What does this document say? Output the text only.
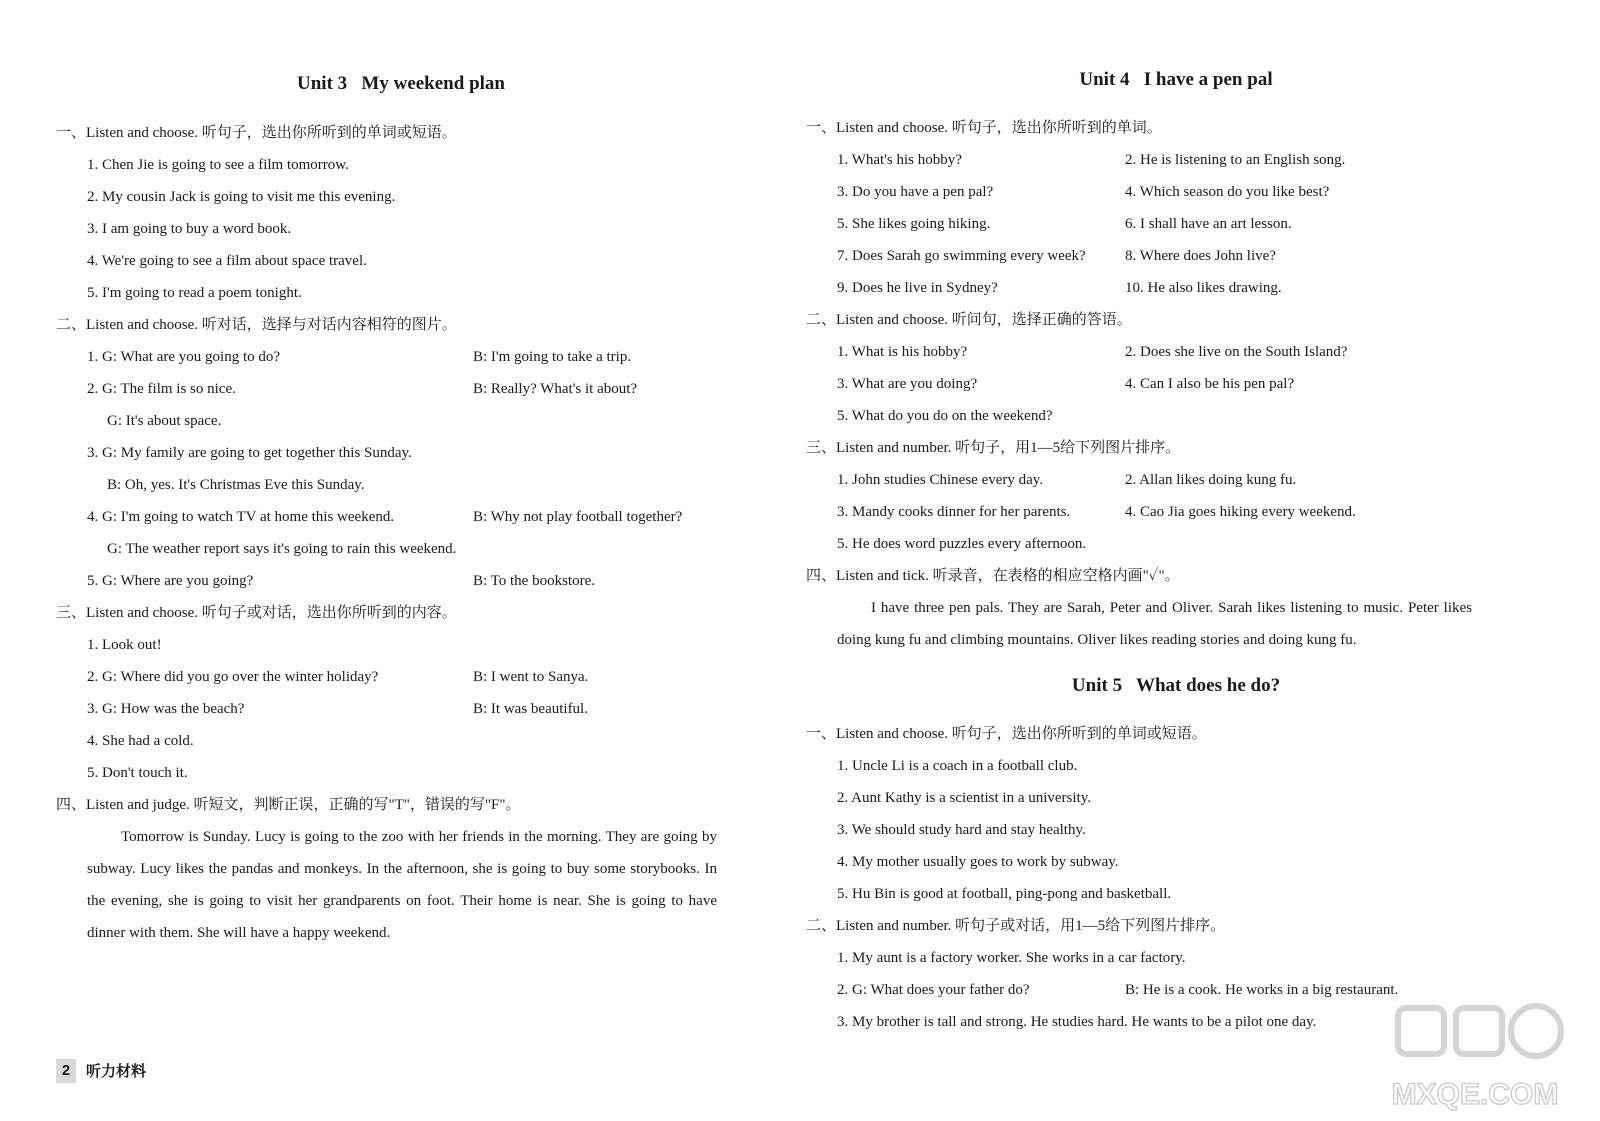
Unit 3   My weekend plan
一、Listen and choose. 听句子，选出你所听到的单词或短语。
1. Chen Jie is going to see a film tomorrow.
2. My cousin Jack is going to visit me this evening.
3. I am going to buy a word book.
4. We're going to see a film about space travel.
5. I'm going to read a poem tonight.
二、Listen and choose. 听对话，选择与对话内容相符的图片。
1. G: What are you going to do?	B: I'm going to take a trip.
2. G: The film is so nice.	B: Really? What's it about?
G: It's about space.
3. G: My family are going to get together this Sunday.
B: Oh, yes. It's Christmas Eve this Sunday.
4. G: I'm going to watch TV at home this weekend.	B: Why not play football together?
G: The weather report says it's going to rain this weekend.
5. G: Where are you going?	B: To the bookstore.
三、Listen and choose. 听句子或对话，选出你所听到的内容。
1. Look out!
2. G: Where did you go over the winter holiday?	B: I went to Sanya.
3. G: How was the beach?	B: It was beautiful.
4. She had a cold.
5. Don't touch it.
四、Listen and judge. 听短文，判断正误，正确的写"T"，错误的写"F"。
Tomorrow is Sunday. Lucy is going to the zoo with her friends in the morning. They are going by subway. Lucy likes the pandas and monkeys. In the afternoon, she is going to buy some storybooks. In the evening, she is going to visit her grandparents on foot. Their home is near. She is going to have dinner with them. She will have a happy weekend.
Unit 4   I have a pen pal
一、Listen and choose. 听句子，选出你所听到的单词。
1. What's his hobby?	2. He is listening to an English song.
3. Do you have a pen pal?	4. Which season do you like best?
5. She likes going hiking.	6. I shall have an art lesson.
7. Does Sarah go swimming every week?	8. Where does John live?
9. Does he live in Sydney?	10. He also likes drawing.
二、Listen and choose. 听问句，选择正确的答语。
1. What is his hobby?	2. Does she live on the South Island?
3. What are you doing?	4. Can I also be his pen pal?
5. What do you do on the weekend?
三、Listen and number. 听句子，用1—5给下列图片排序。
1. John studies Chinese every day.	2. Allan likes doing kung fu.
3. Mandy cooks dinner for her parents.	4. Cao Jia goes hiking every weekend.
5. He does word puzzles every afternoon.
四、Listen and tick. 听录音，在表格的相应空格内画"✓"。
I have three pen pals. They are Sarah, Peter and Oliver. Sarah likes listening to music. Peter likes doing kung fu and climbing mountains. Oliver likes reading stories and doing kung fu.
Unit 5   What does he do?
一、Listen and choose. 听句子，选出你所听到的单词或短语。
1. Uncle Li is a coach in a football club.
2. Aunt Kathy is a scientist in a university.
3. We should study hard and stay healthy.
4. My mother usually goes to work by subway.
5. Hu Bin is good at football, ping-pong and basketball.
二、Listen and number. 听句子或对话，用1—5给下列图片排序。
1. My aunt is a factory worker. She works in a car factory.
2. G: What does your father do?	B: He is a cook. He works in a big restaurant.
3. My brother is tall and strong. He studies hard. He wants to be a pilot one day.
2 听力材料
MXQE.COM
